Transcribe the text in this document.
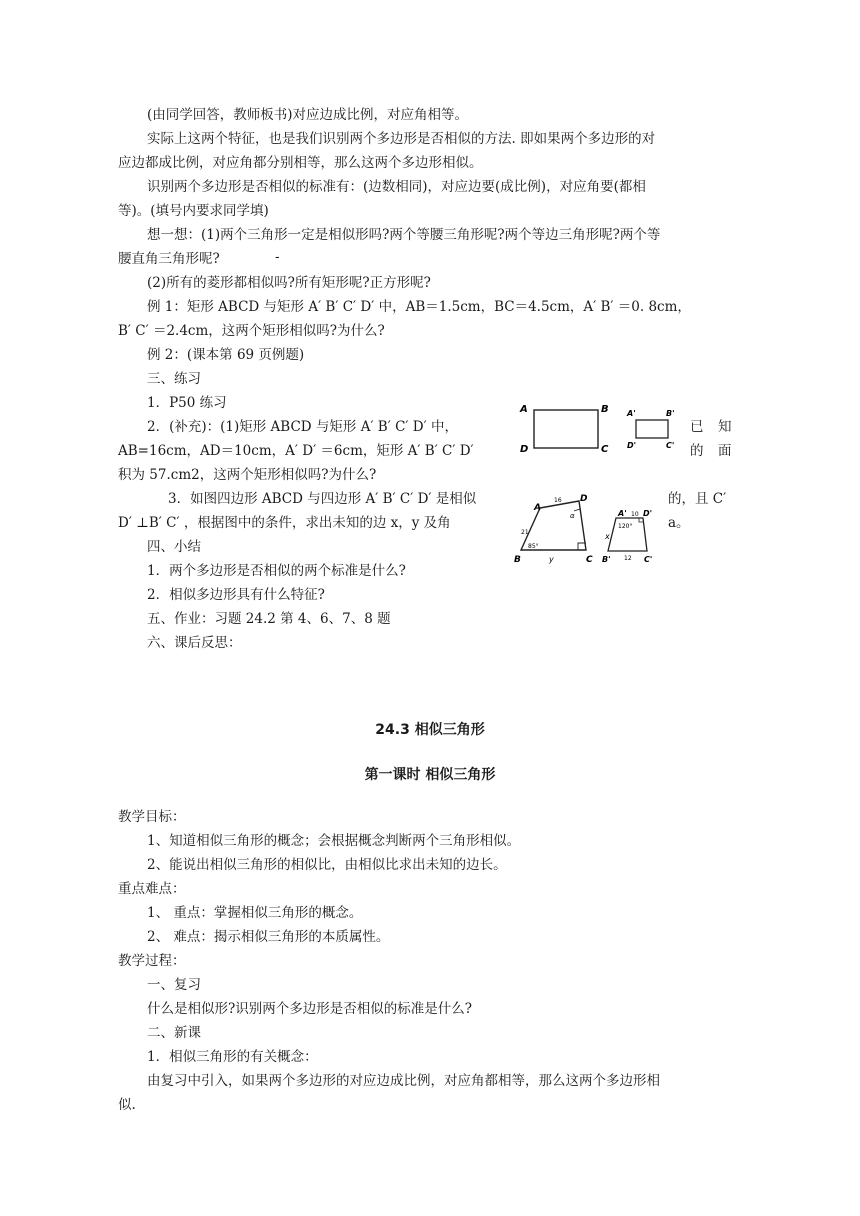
(由同学回答，教师板书)对应边成比例，对应角相等。
实际上这两个特征，也是我们识别两个多边形是否相似的方法. 即如果两个多边形的对
应边都成比例，对应角都分别相等，那么这两个多边形相似。
识别两个多边形是否相似的标准有：(边数相同)，对应边要(成比例)，对应角要(都相
等)。(填号内要求同学填)
想一想：(1)两个三角形一定是相似形吗?两个等腰三角形呢?两个等边三角形呢?两个等
腰直角三角形呢?	-
(2)所有的菱形都相似吗?所有矩形呢?正方形呢?
例 1：矩形 ABCD 与矩形 A′ B′ C′ D′ 中，AB＝1.5cm，BC＝4.5cm，A′ B′ ＝0. 8cm，
B′ C′ ＝2.4cm，这两个矩形相似吗?为什么?
例 2：(课本第 69 页例题)
三、练习
1．P50 练习
2．(补充)：(1)矩形 ABCD 与矩形 A′ B′ C′ D′ 中，	已 知
AB=16cm，AD＝10cm，A′ D′ ＝6cm，矩形 A′ B′ C′ D′	的 面
积为 57.cm2，这两个矩形相似吗?为什么?
3．如图四边形 ABCD 与四边形 A′ B′ C′ D′ 是相似	的，且 C′
D′ ⊥B′ C′ ，根据图中的条件，求出未知的边 x，y 及角	a。
四、小结
1．两个多边形是否相似的两个标准是什么?
2．相似多边形具有什么特征?
五、作业：习题 24.2 第 4、6、7、8 题
六、课后反思：
A	B
C
D
A'	B'
C'
D'
A
B	C
D
16
21
85°
y
α	A'
B'	C'
D'
10
120°
x
12
24.3 相似三角形
第一课时 相似三角形
教学目标：
1、知道相似三角形的概念；会根据概念判断两个三角形相似。
2、能说出相似三角形的相似比，由相似比求出未知的边长。
重点难点：
1、 重点：掌握相似三角形的概念。
2、 难点：揭示相似三角形的本质属性。
教学过程：
一、复习
什么是相似形?识别两个多边形是否相似的标准是什么?
二、新课
1．相似三角形的有关概念：
由复习中引入，如果两个多边形的对应边成比例，对应角都相等，那么这两个多边形相
似.
